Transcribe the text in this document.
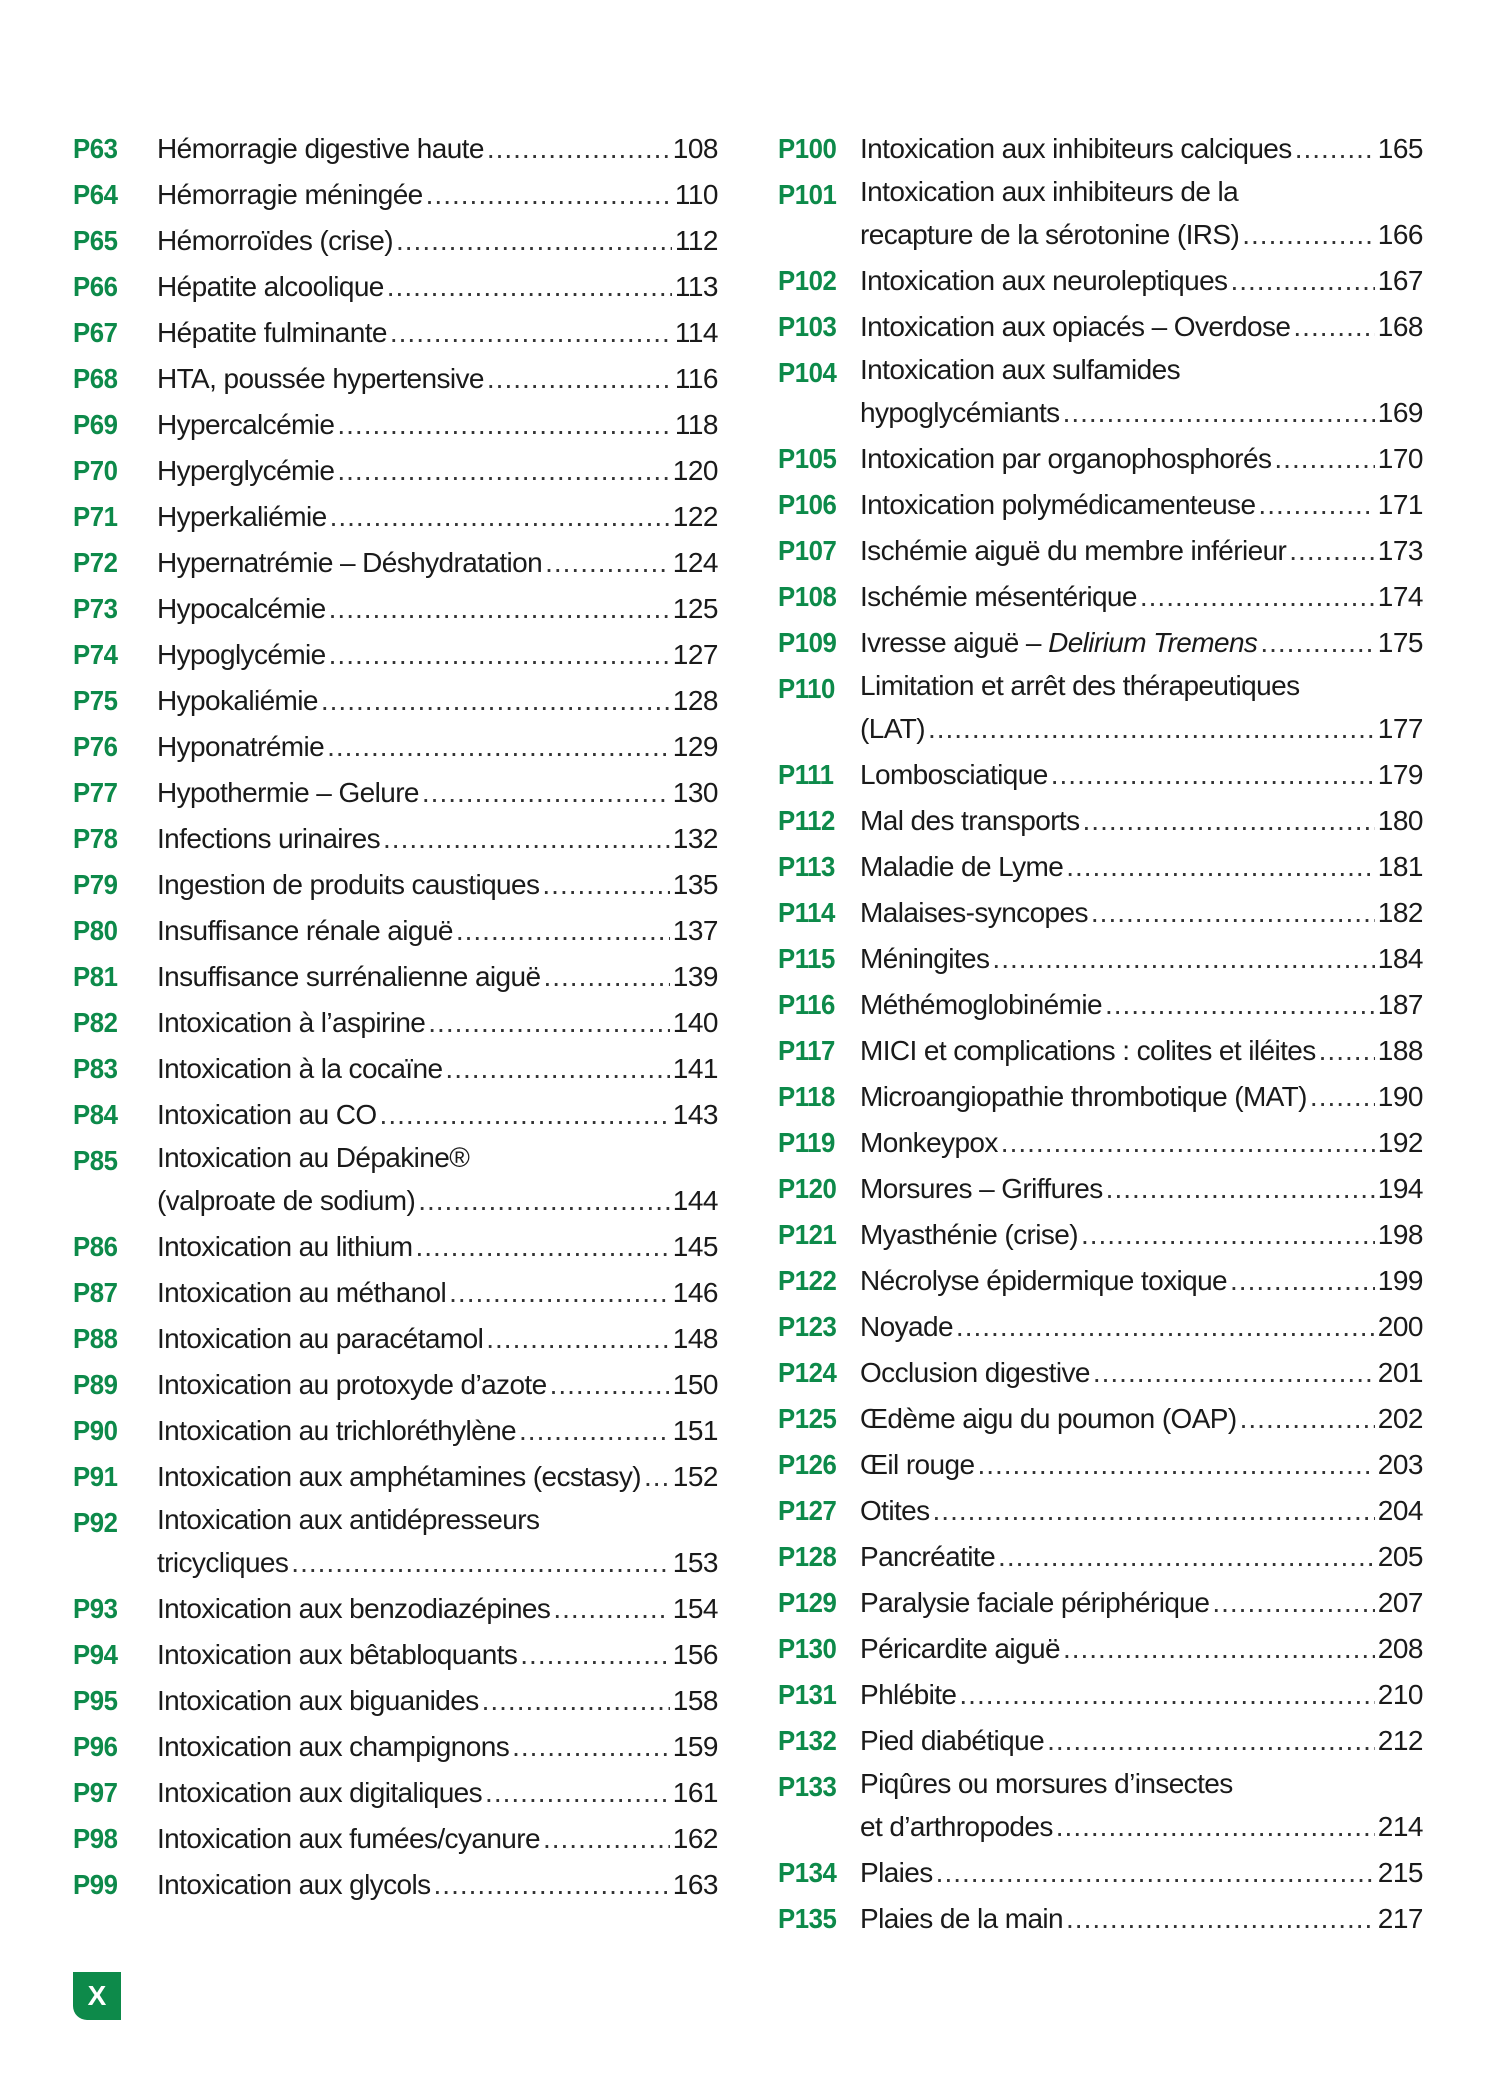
P63	Hémorragie digestive haute .....	108
P64	Hémorragie méningée .....	110
P65	Hémorroïdes (crise) .....	112
P66	Hépatite alcoolique .....	113
P67	Hépatite fulminante .....	114
P68	HTA, poussée hypertensive .....	116
P69	Hypercalcémie .....	118
P70	Hyperglycémie .....	120
P71	Hyperkaliémie .....	122
P72	Hypernatrémie – Déshydratation .....	124
P73	Hypocalcémie .....	125
P74	Hypoglycémie .....	127
P75	Hypokaliémie .....	128
P76	Hyponatrémie .....	129
P77	Hypothermie – Gelure .....	130
P78	Infections urinaires .....	132
P79	Ingestion de produits caustiques .....	135
P80	Insuffisance rénale aiguë .....	137
P81	Insuffisance surrénalienne aiguë .....	139
P82	Intoxication à l’aspirine .....	140
P83	Intoxication à la cocaïne .....	141
P84	Intoxication au CO .....	143
P85	Intoxication au Dépakine®
(valproate de sodium) .....	144
P86	Intoxication au lithium .....	145
P87	Intoxication au méthanol .....	146
P88	Intoxication au paracétamol .....	148
P89	Intoxication au protoxyde d’azote .....	150
P90	Intoxication au trichloréthylène .....	151
P91	Intoxication aux amphétamines (ecstasy) ..... 152
P92	Intoxication aux antidépresseurs
tricycliques .....	153
P93	Intoxication aux benzodiazépines .....	154
P94	Intoxication aux bêtabloquants .....	156
P95	Intoxication aux biguanides .....	158
P96	Intoxication aux champignons .....	159
P97	Intoxication aux digitaliques .....	161
P98	Intoxication aux fumées/cyanure .....	162
P99	Intoxication aux glycols .....	163
P100 Intoxication aux inhibiteurs calciques .....	165
P101 Intoxication aux inhibiteurs de la
recapture de la sérotonine (IRS) .....	166
P102 Intoxication aux neuroleptiques .....	167
P103 Intoxication aux opiacés – Overdose .....	168
P104 Intoxication aux sulfamides
hypoglycémiants .....	169
P105 Intoxication par organophosphorés .....	170
P106 Intoxication polymédicamenteuse .....	171
P107 Ischémie aiguë du membre inférieur .....	173
P108 Ischémie mésentérique .....	174
P109 Ivresse aiguë – Delirium Tremens .....	175
P110 Limitation et arrêt des thérapeutiques
(LAT) .....	177
P111 Lombosciatique .....	179
P112 Mal des transports .....	180
P113 Maladie de Lyme .....	181
P114 Malaises-syncopes .....	182
P115 Méningites .....	184
P116 Méthémoglobinémie .....	187
P117 MICI et complications : colites et iléites ..... 188
P118 Microangiopathie thrombotique (MAT) .....	190
P119 Monkeypox .....	192
P120 Morsures – Griffures .....	194
P121 Myasthénie (crise) .....	198
P122 Nécrolyse épidermique toxique .....	199
P123 Noyade .....	200
P124 Occlusion digestive .....	201
P125 Œdème aigu du poumon (OAP) .....	202
P126 Œil rouge .....	203
P127 Otites .....	204
P128 Pancréatite .....	205
P129 Paralysie faciale périphérique .....	207
P130 Péricardite aiguë .....	208
P131 Phlébite .....	210
P132 Pied diabétique .....	212
P133 Piqûres ou morsures d’insectes
et d’arthropodes .....	214
P134 Plaies .....	215
P135 Plaies de la main .....	217
X
